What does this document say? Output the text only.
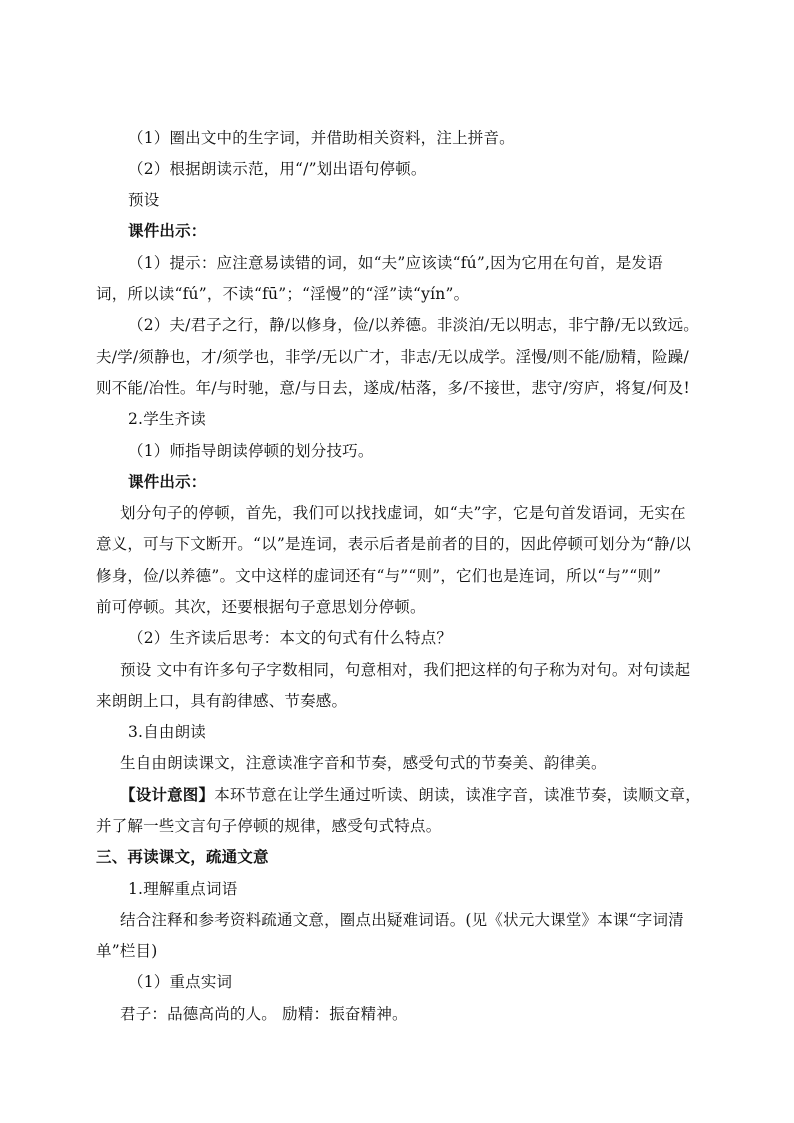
（1）圈出文中的生字词，并借助相关资料，注上拼音。
（2）根据朗读示范，用“/”划出语句停顿。
预设
课件出示：
（1）提示：应注意易读错的词，如“夫”应该读“fú”,因为它用在句首，是发语
词，所以读“fú”，不读“fū”；“淫慢”的“淫”读“yín”。
（2）夫/君子之行，静/以修身，俭/以养德。非淡泊/无以明志，非宁静/无以致远。
夫/学/须静也，才/须学也，非学/无以广才，非志/无以成学。淫慢/则不能/励精，险躁/
则不能/冶性。年/与时驰，意/与日去，遂成/枯落，多/不接世，悲守/穷庐，将复/何及!
2.学生齐读
（1）师指导朗读停顿的划分技巧。
课件出示：
划分句子的停顿，首先，我们可以找找虚词，如“夫”字，它是句首发语词，无实在
意义，可与下文断开。“以”是连词，表示后者是前者的目的，因此停顿可划分为“静/以
修身，俭/以养德”。文中这样的虚词还有“与”“则”，它们也是连词，所以“与”“则”
前可停顿。其次，还要根据句子意思划分停顿。
（2）生齐读后思考：本文的句式有什么特点？
预设 文中有许多句子字数相同，句意相对，我们把这样的句子称为对句。对句读起
来朗朗上口，具有韵律感、节奏感。
3.自由朗读
生自由朗读课文，注意读准字音和节奏，感受句式的节奏美、韵律美。
【设计意图】本环节意在让学生通过听读、朗读，读准字音，读准节奏，读顺文章，
并了解一些文言句子停顿的规律，感受句式特点。
三、再读课文，疏通文意
1.理解重点词语
结合注释和参考资料疏通文意，圈点出疑难词语。(见《状元大课堂》本课“字词清
单”栏目)
（1）重点实词
君子：品德高尚的人。 励精：振奋精神。
